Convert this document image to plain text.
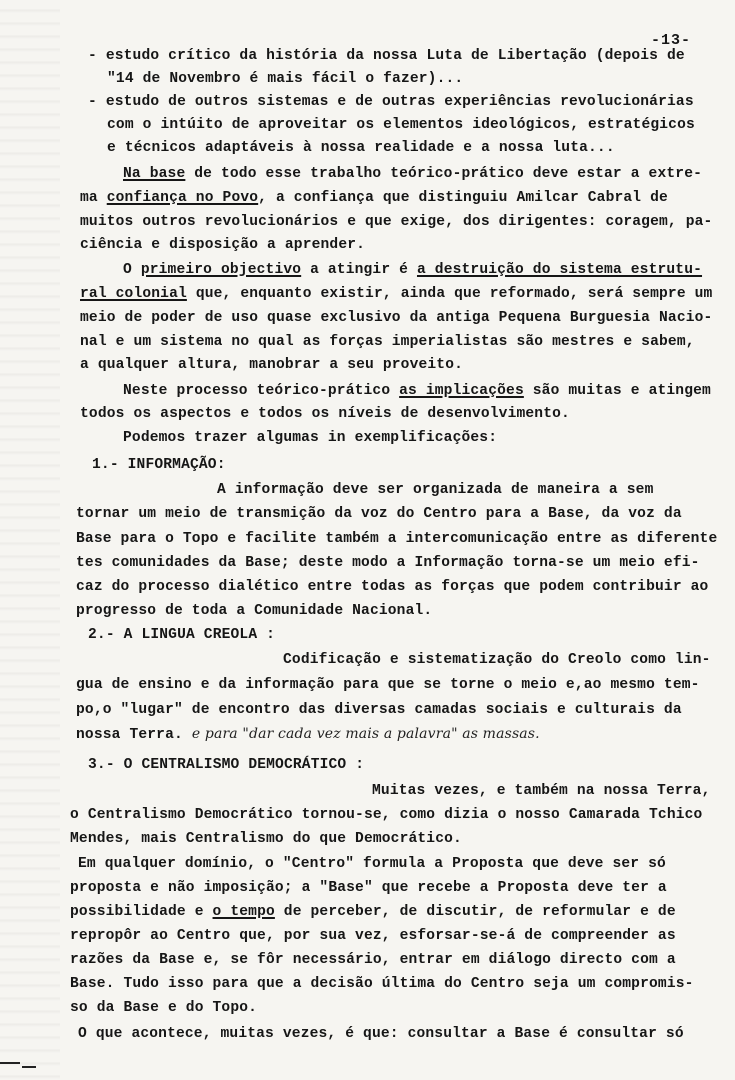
-13-
- estudo crítico da história da nossa Luta de Libertação (depois de
"14 de Novembro é mais fácil o fazer)...
- estudo de outros sistemas e de outras experiências revolucionárias
com o intúito de aproveitar os elementos ideológicos, estratégicos
e técnicos adaptáveis à nossa realidade e a nossa luta...
Na base de todo esse trabalho teórico-prático deve estar a extre-
ma confiança no Povo, a confiança que distinguiu Amilcar Cabral de
muitos outros revolucionários e que exige, dos dirigentes: coragem, pa-
ciência e disposição a aprender.
O primeiro objectivo a atingir é a destruição do sistema estrutu-
ral colonial que, enquanto existir, ainda que reformado, será sempre um
meio de poder de uso quase exclusivo da antiga Pequena Burguesia Nacio-
nal e um sistema no qual as forças imperialistas são mestres e sabem,
a qualquer altura, manobrar a seu proveito.
Neste processo teórico-prático as implicações são muitas e atingem
todos os aspectos e todos os níveis de desenvolvimento.
Podemos trazer algumas in exemplificações:
1.- INFORMAÇÃO:
A informação deve ser organizada de maneira a sem
tornar um meio de transmição da voz do Centro para a Base, da voz da
Base para o Topo e facilite também a intercomunicação entre as diferente
tes comunidades da Base; deste modo a Informação torna-se um meio efi-
caz do processo dialético entre todas as forças que podem contribuir ao
progresso de toda a Comunidade Nacional.
2.- A LINGUA CREOLA :
Codificação e sistematização do Creolo como lin-
gua de ensino e da informação para que se torne o meio e,ao mesmo tem-
po,o "lugar" de encontro das diversas camadas sociais e culturais da
nossa Terra. e para "dar cada vez mais a palavra" as massas.
3.- O CENTRALISMO DEMOCRÁTICO :
Muitas vezes, e também na nossa Terra,
o Centralismo Democrático tornou-se, como dizia o nosso Camarada Tchico
Mendes, mais Centralismo do que Democrático.
Em qualquer domínio, o "Centro" formula a Proposta que deve ser só
proposta e não imposição; a "Base" que recebe a Proposta deve ter a
possibilidade e o tempo de perceber, de discutir, de reformular e de
repropôr ao Centro que, por sua vez, esforsar-se-á de compreender as
razões da Base e, se fôr necessário, entrar em diálogo directo com a
Base. Tudo isso para que a decisão última do Centro seja um compromis-
so da Base e do Topo.
O que acontece, muitas vezes, é que: consultar a Base é consultar só
